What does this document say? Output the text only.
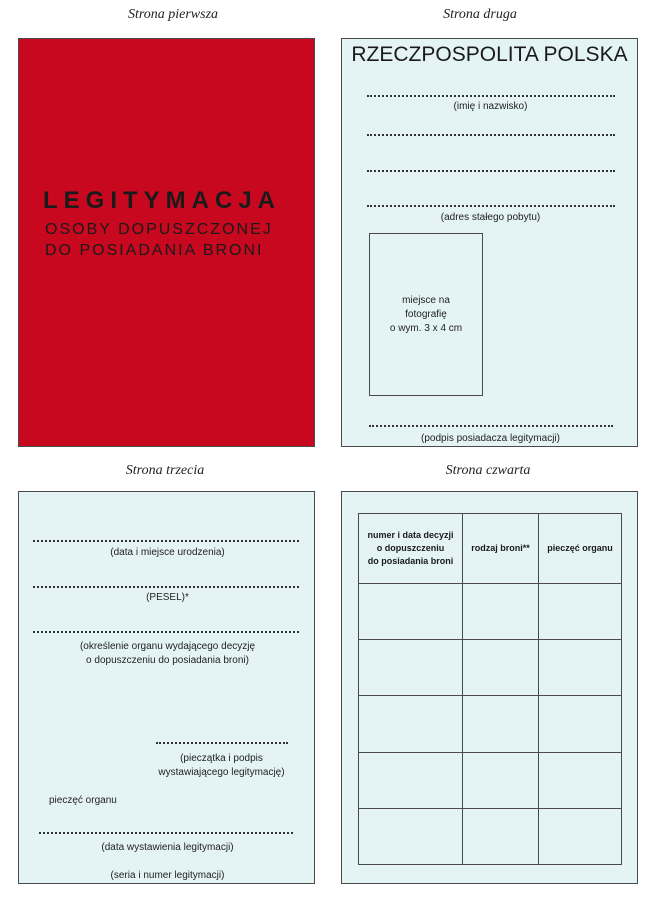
Strona pierwsza	Strona druga
Strona trzecia	Strona czwarta
LEGITYMACJA
OSOBY DOPUSZCZONEJ
DO POSIADANIA BRONI
RZECZPOSPOLITA POLSKA
(imię i nazwisko)
(adres stałego pobytu)
miejsce na
fotografię
o wym. 3 x 4 cm
(podpis posiadacza legitymacji)
(data i miejsce urodzenia)
(PESEL)*
(określenie organu wydającego decyzję
o dopuszczeniu do posiadania broni)
(pieczątka i podpis
wystawiającego legitymację)
pieczęć organu
(data wystawienia legitymacji)
(seria i numer legitymacji)
numer i data decyzji
o dopuszczeniu
do posiadania broni	rodzaj broni**	pieczęć organu
